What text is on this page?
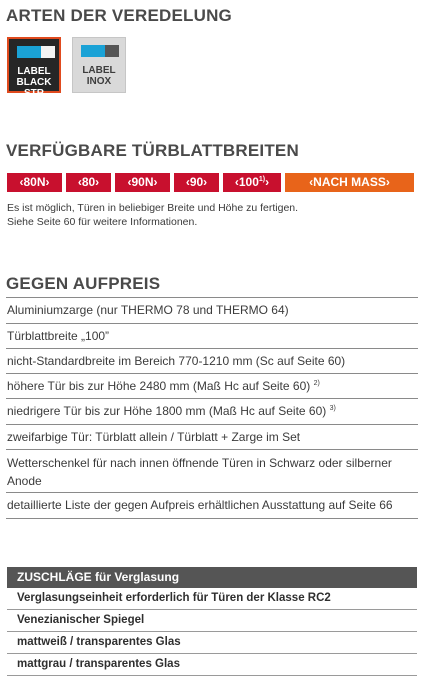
ARTEN DER VEREDELUNG
LABEL
BLACK STR
LABEL
INOX
VERFÜGBARE TÜRBLATTBREITEN
‹80N›	‹80›	‹90N›	‹90›	‹100$^{1)}$›	‹NACH MASS›
Es ist möglich, Türen in beliebiger Breite und Höhe zu fertigen.
Siehe Seite 60 für weitere Informationen.
GEGEN AUFPREIS
Aluminiumzarge (nur THERMO 78 und THERMO 64)
Türblattbreite „100”
nicht-Standardbreite im Bereich 770-1210 mm (Sc auf Seite 60)
höhere Tür bis zur Höhe 2480 mm (Maß Hc auf Seite 60) $^{2)}$
niedrigere Tür bis zur Höhe 1800 mm (Maß Hc auf Seite 60) $^{3)}$
zweifarbige Tür: Türblatt allein / Türblatt + Zarge im Set
Wetterschenkel für nach innen öffnende Türen in Schwarz oder silberner Anode
detaillierte Liste der gegen Aufpreis erhältlichen Ausstattung auf Seite 66
ZUSCHLÄGE für Verglasung
Verglasungseinheit erforderlich für Türen der Klasse RC2
Venezianischer Spiegel
mattweiß / transparentes Glas
mattgrau / transparentes Glas
